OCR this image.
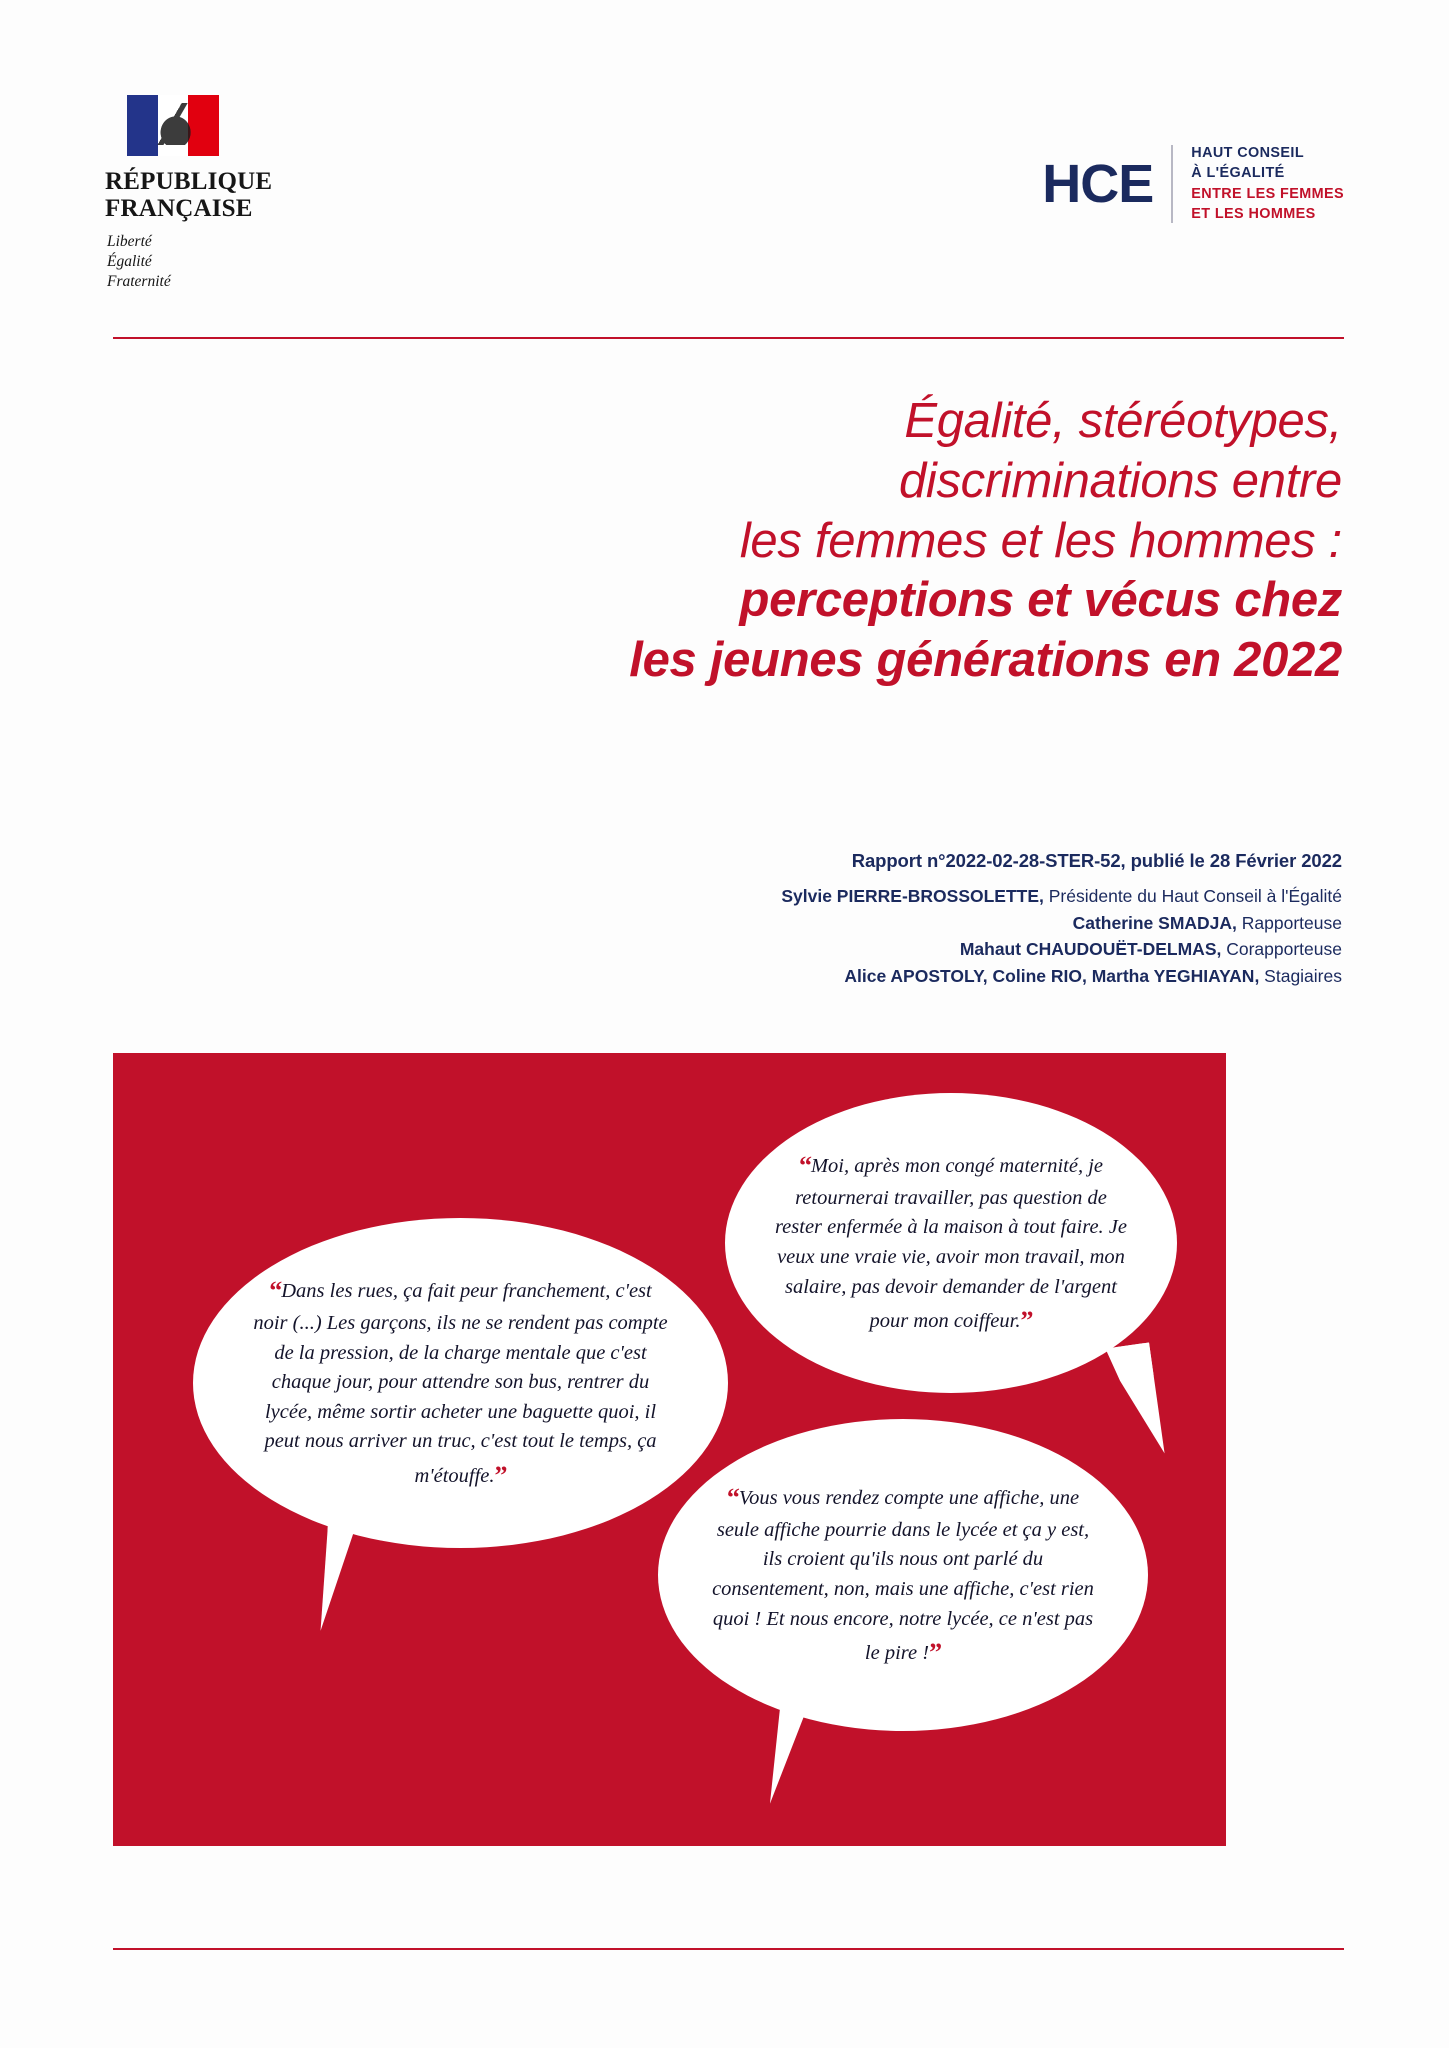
RÉPUBLIQUE
FRANÇAISE
Liberté
Égalité
Fraternité
HCE
HAUT CONSEIL
À L'ÉGALITÉ
ENTRE LES FEMMES
ET LES HOMMES
Égalité, stéréotypes,
discriminations entre
les femmes et les hommes :
perceptions et vécus chez
les jeunes générations en 2022
Rapport n°2022-02-28-STER-52, publié le 28 Février 2022
Sylvie PIERRE-BROSSOLETTE, Présidente du Haut Conseil à l'Égalité
Catherine SMADJA, Rapporteuse
Mahaut CHAUDOUËT-DELMAS, Corapporteuse
Alice APOSTOLY, Coline RIO, Martha YEGHIAYAN, Stagiaires

“Moi, après mon congé maternité, je retournerai travailler, pas question de rester enfermée à la maison à tout faire. Je veux une vraie vie, avoir mon travail, mon salaire, pas devoir demander de l'argent pour mon coiffeur.”

“Dans les rues, ça fait peur franchement, c'est noir (...) Les garçons, ils ne se rendent pas compte de la pression, de la charge mentale que c'est chaque jour, pour attendre son bus, rentrer du lycée, même sortir acheter une baguette quoi, il peut nous arriver un truc, c'est tout le temps, ça m'étouffe.”

“Vous vous rendez compte une affiche, une seule affiche pourrie dans le lycée et ça y est, ils croient qu'ils nous ont parlé du consentement, non, mais une affiche, c'est rien quoi ! Et nous encore, notre lycée, ce n'est pas le pire !”
